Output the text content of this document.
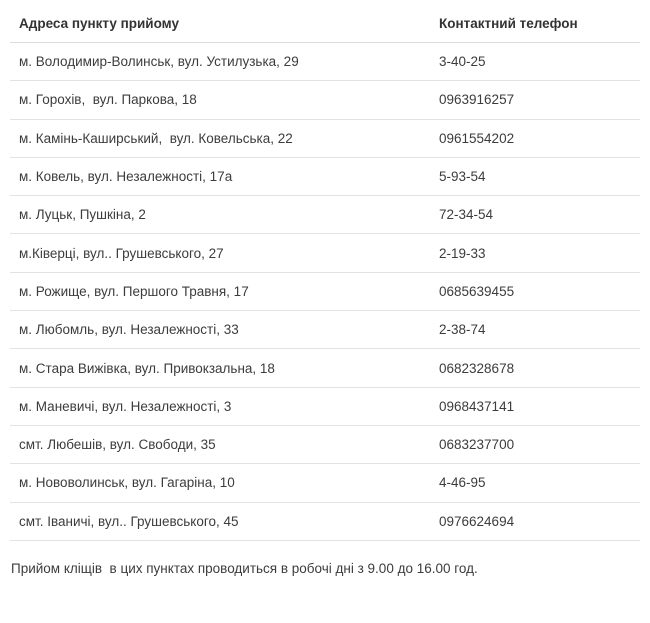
Адреса пункту прийому	Контактний телефон
м. Володимир-Волинськ, вул. Устилузька, 29	3-40-25
м. Горохів,  вул. Паркова, 18	0963916257
м. Камінь-Каширський,  вул. Ковельська, 22	0961554202
м. Ковель, вул. Незалежності, 17а	5-93-54
м. Луцьк, Пушкіна, 2	72-34-54
м.Ківерці, вул.. Грушевського, 27	2-19-33
м. Рожище, вул. Першого Травня, 17	0685639455
м. Любомль, вул. Незалежності, 33	2-38-74
м. Стара Вижівка, вул. Привокзальна, 18	0682328678
м. Маневичі, вул. Незалежності, 3	0968437141
смт. Любешів, вул. Свободи, 35	0683237700
м. Нововолинськ, вул. Гагаріна, 10	4-46-95
смт. Іваничі, вул.. Грушевського, 45	0976624694
Прийом кліщів  в цих пунктах проводиться в робочі дні з 9.00 до 16.00 год.
